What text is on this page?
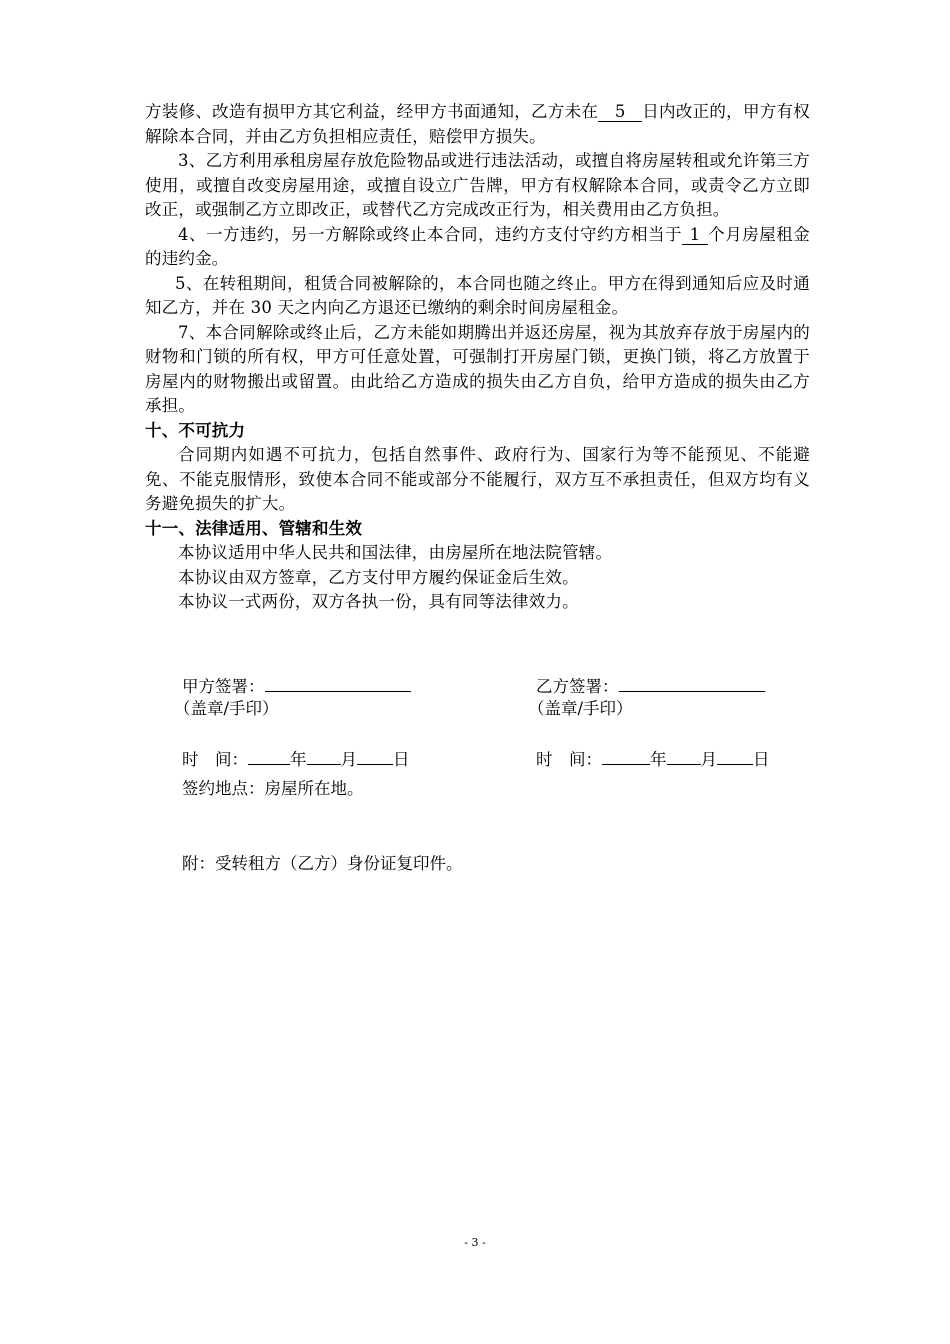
方装修、改造有损甲方其它利益，经甲方书面通知，乙方未在 5 日内改正的，甲方有权解除本合同，并由乙方负担相应责任，赔偿甲方损失。

3、乙方利用承租房屋存放危险物品或进行违法活动，或擅自将房屋转租或允许第三方使用，或擅自改变房屋用途，或擅自设立广告牌，甲方有权解除本合同，或责令乙方立即改正，或强制乙方立即改正，或替代乙方完成改正行为，相关费用由乙方负担。

4、一方违约，另一方解除或终止本合同，违约方支付守约方相当于 1 个月房屋租金的违约金。

5、在转租期间，租赁合同被解除的，本合同也随之终止。甲方在得到通知后应及时通知乙方，并在 30 天之内向乙方退还已缴纳的剩余时间房屋租金。

7、本合同解除或终止后，乙方未能如期腾出并返还房屋，视为其放弃存放于房屋内的财物和门锁的所有权，甲方可任意处置，可强制打开房屋门锁，更换门锁，将乙方放置于房屋内的财物搬出或留置。由此给乙方造成的损失由乙方自负，给甲方造成的损失由乙方承担。

十、不可抗力

合同期内如遇不可抗力，包括自然事件、政府行为、国家行为等不能预见、不能避免、不能克服情形，致使本合同不能或部分不能履行，双方互不承担责任，但双方均有义务避免损失的扩大。

十一、法律适用、管辖和生效

本协议适用中华人民共和国法律，由房屋所在地法院管辖。

本协议由双方签章，乙方支付甲方履约保证金后生效。

本协议一式两份，双方各执一份，具有同等法律效力。

甲方签署：	乙方签署：
（盖章/手印）	（盖章/手印）
时　间：	年 月 日	时　间：	年 月 日
签约地点：房屋所在地。
附：受转租方（乙方）身份证复印件。
- 3 -
